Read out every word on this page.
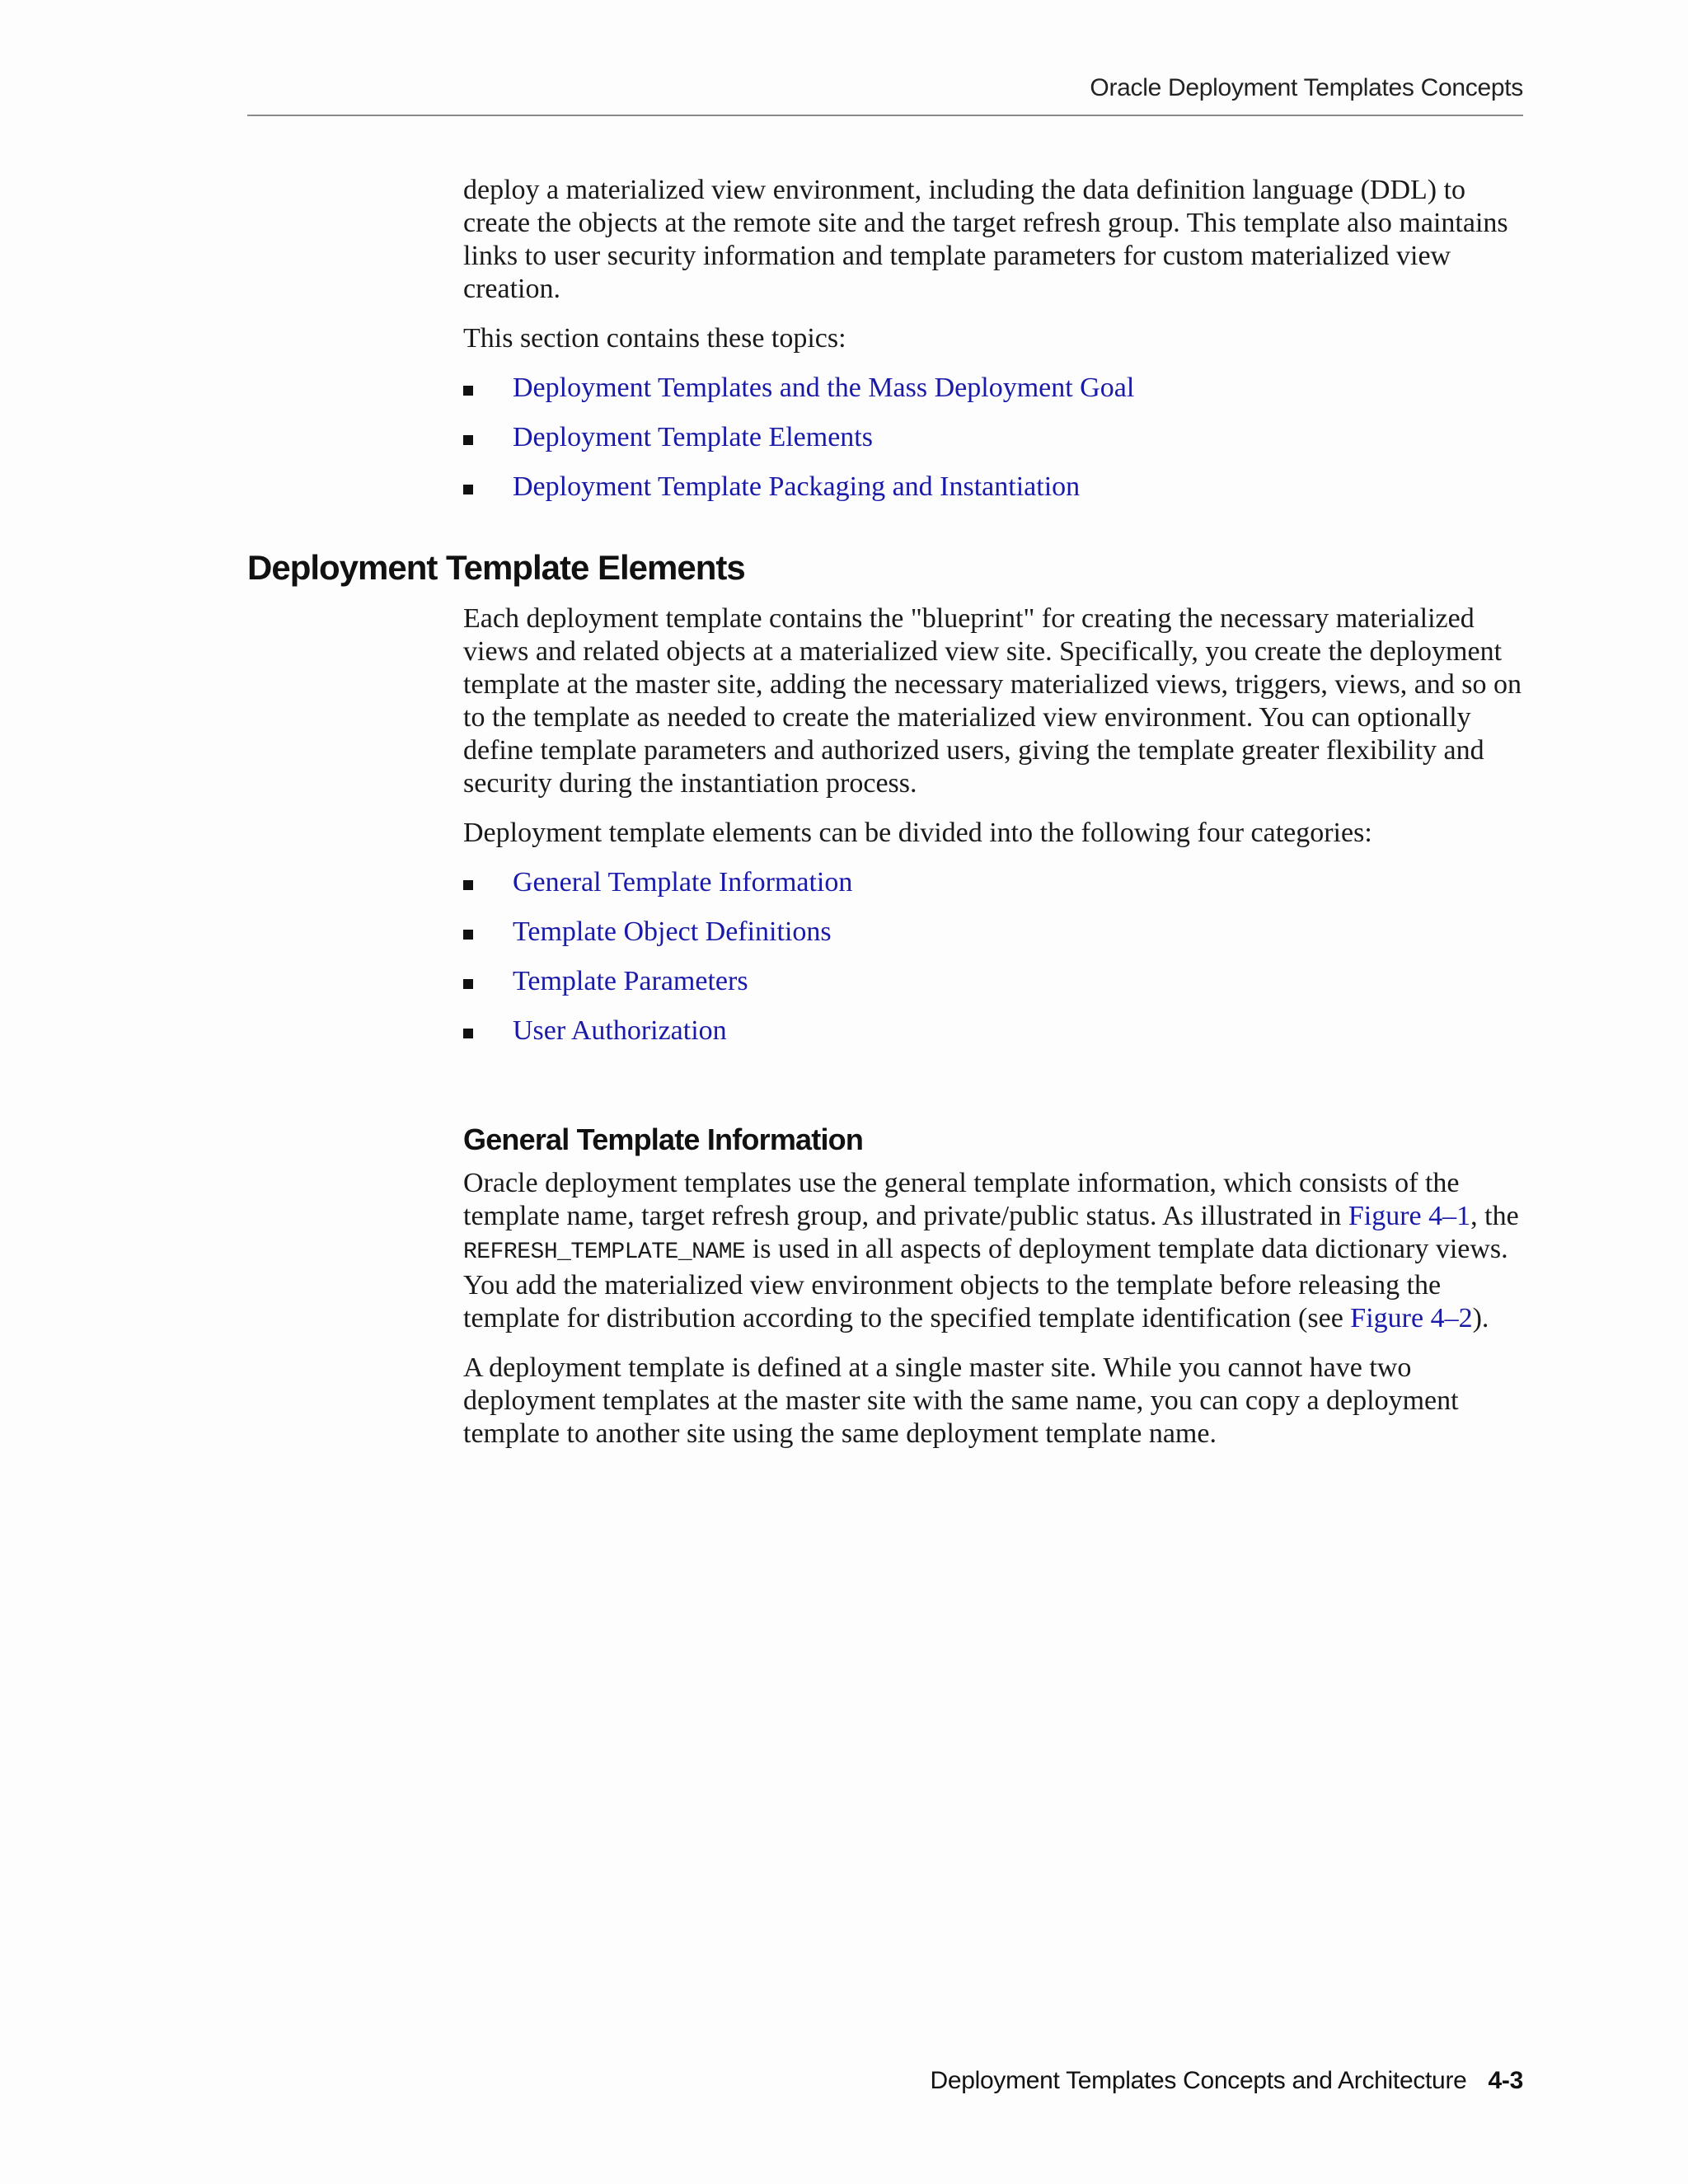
Oracle Deployment Templates Concepts

deploy a materialized view environment, including the data definition language (DDL) to create the objects at the remote site and the target refresh group. This template also maintains links to user security information and template parameters for custom materialized view creation.

This section contains these topics:

Deployment Templates and the Mass Deployment Goal
Deployment Template Elements
Deployment Template Packaging and Instantiation
Deployment Template Elements

Each deployment template contains the "blueprint" for creating the necessary materialized views and related objects at a materialized view site. Specifically, you create the deployment template at the master site, adding the necessary materialized views, triggers, views, and so on to the template as needed to create the materialized view environment. You can optionally define template parameters and authorized users, giving the template greater flexibility and security during the instantiation process.

Deployment template elements can be divided into the following four categories:

General Template Information
Template Object Definitions
Template Parameters
User Authorization
General Template Information

Oracle deployment templates use the general template information, which consists of the template name, target refresh group, and private/public status. As illustrated in Figure 4–1, the REFRESH_TEMPLATE_NAME is used in all aspects of deployment template data dictionary views. You add the materialized view environment objects to the template before releasing the template for distribution according to the specified template identification (see Figure 4–2).

A deployment template is defined at a single master site. While you cannot have two deployment templates at the master site with the same name, you can copy a deployment template to another site using the same deployment template name.

Deployment Templates Concepts and Architecture 4-3
